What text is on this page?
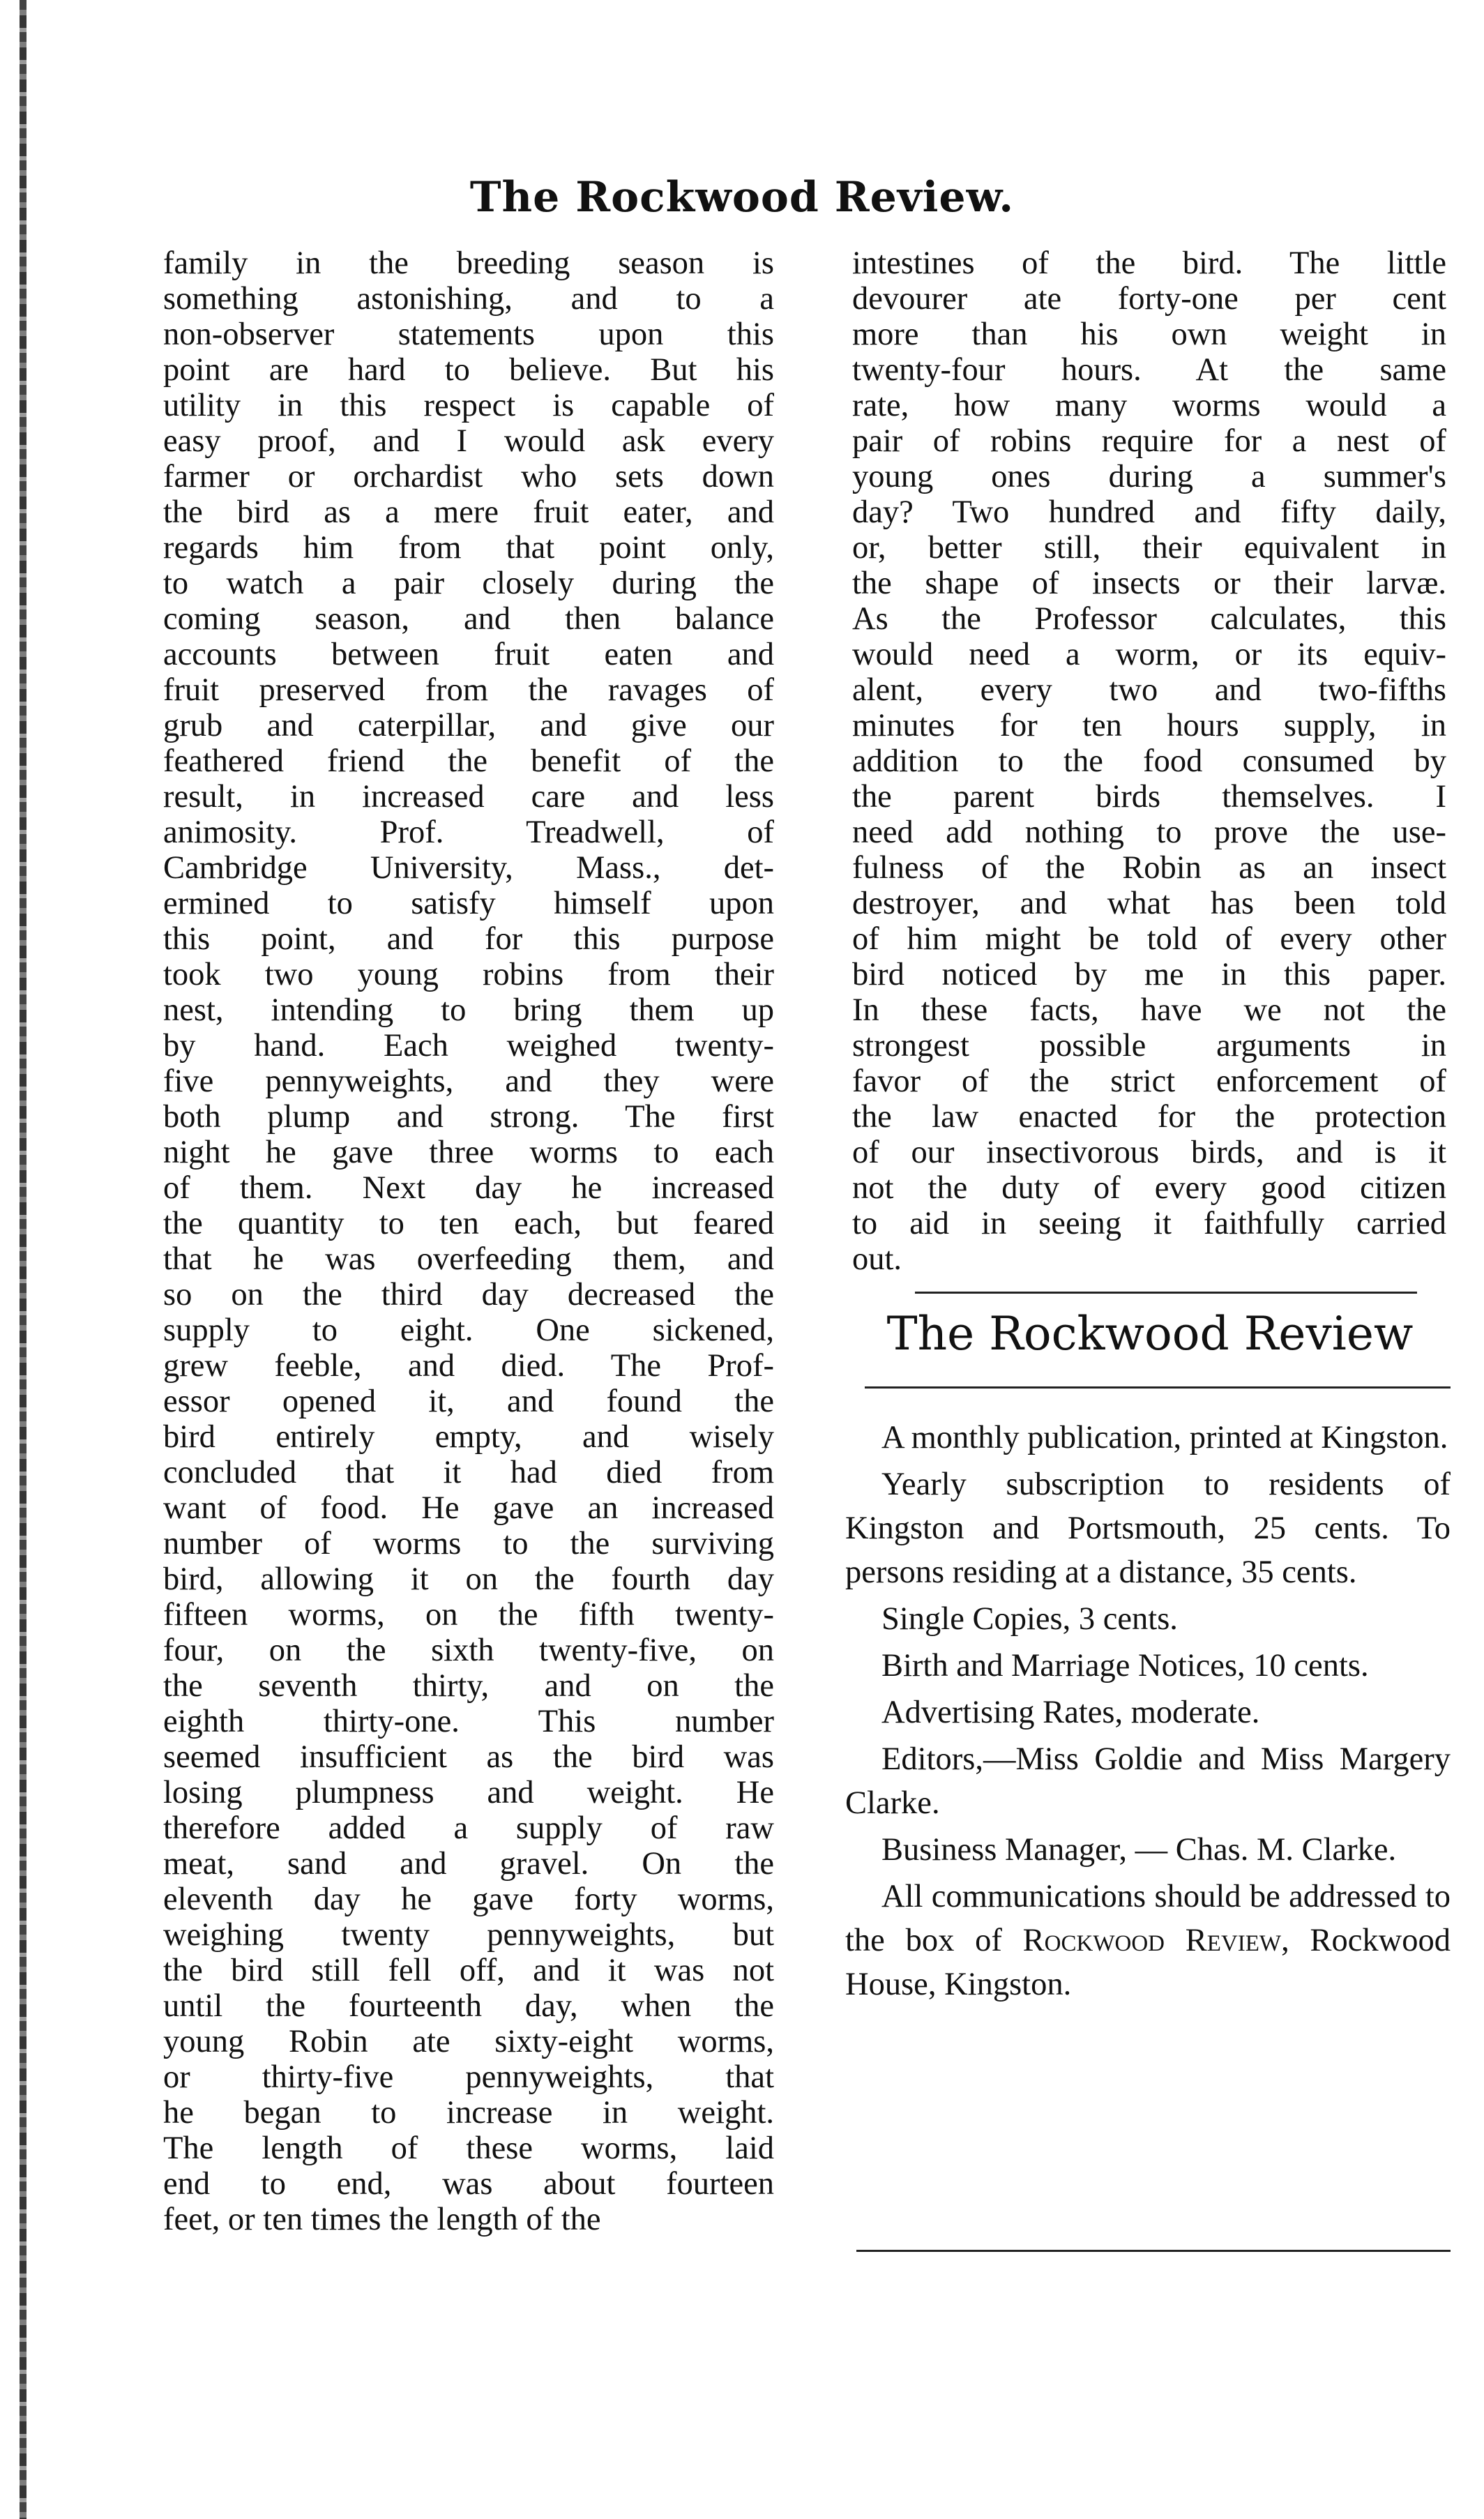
The Rockwood Review.
family in the breeding season is
something astonishing, and to a
non-observer statements upon this
point are hard to believe. But his
utility in this respect is capable of
easy proof, and I would ask every
farmer or orchardist who sets down
the bird as a mere fruit eater, and
regards him from that point only,
to watch a pair closely during the
coming season, and then balance
accounts between fruit eaten and
fruit preserved from the ravages of
grub and caterpillar, and give our
feathered friend the benefit of the
result, in increased care and less
animosity. Prof. Treadwell, of
Cambridge University, Mass., det-
ermined to satisfy himself upon
this point, and for this purpose
took two young robins from their
nest, intending to bring them up
by hand. Each weighed twenty-
five pennyweights, and they were
both plump and strong. The first
night he gave three worms to each
of them. Next day he increased
the quantity to ten each, but feared
that he was overfeeding them, and
so on the third day decreased the
supply to eight. One sickened,
grew feeble, and died. The Prof-
essor opened it, and found the
bird entirely empty, and wisely
concluded that it had died from
want of food. He gave an increased
number of worms to the surviving
bird, allowing it on the fourth day
fifteen worms, on the fifth twenty-
four, on the sixth twenty-five, on
the seventh thirty, and on the
eighth thirty-one. This number
seemed insufficient as the bird was
losing plumpness and weight. He
therefore added a supply of raw
meat, sand and gravel. On the
eleventh day he gave forty worms,
weighing twenty pennyweights, but
the bird still fell off, and it was not
until the fourteenth day, when the
young Robin ate sixty-eight worms,
or thirty-five pennyweights, that
he began to increase in weight.
The length of these worms, laid
end to end, was about fourteen
feet, or ten times the length of the
intestines of the bird. The little
devourer ate forty-one per cent
more than his own weight in
twenty-four hours. At the same
rate, how many worms would a
pair of robins require for a nest of
young ones during a summer's
day? Two hundred and fifty daily,
or, better still, their equivalent in
the shape of insects or their larvæ.
As the Professor calculates, this
would need a worm, or its equiv-
alent, every two and two-fifths
minutes for ten hours supply, in
addition to the food consumed by
the parent birds themselves. I
need add nothing to prove the use-
fulness of the Robin as an insect
destroyer, and what has been told
of him might be told of every other
bird noticed by me in this paper.
In these facts, have we not the
strongest possible arguments in
favor of the strict enforcement of
the law enacted for the protection
of our insectivorous birds, and is it
not the duty of every good citizen
to aid in seeing it faithfully carried
out.
The Rockwood Review

A monthly publication, printed at Kingston.

Yearly subscription to residents of Kingston and Portsmouth, 25 cents. To persons residing at a distance, 35 cents.

Single Copies, 3 cents.

Birth and Marriage Notices, 10 cents.

Advertising Rates, moderate.

Editors,—Miss Goldie and Miss Margery Clarke.

Business Manager, — Chas. M. Clarke.

All communications should be addressed to the box of Rockwood Review, Rockwood House, Kingston.
